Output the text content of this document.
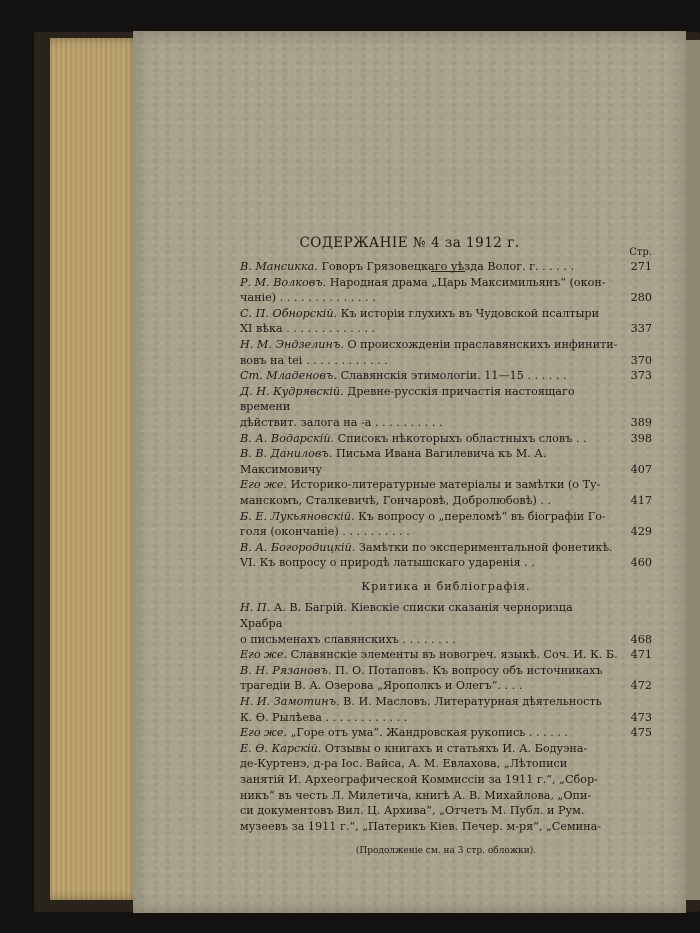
СОДЕРЖАНІЕ № 4 за 1912 г.
Стр.
В. Мансикка. Говоръ Грязовецкаго уѣзда Волог. г. . . . . .	271
Р. М. Волковъ. Народная драма „Царь Максимильянъ“ (окон-
чаніе) . . . . . . . . . . . . . .	280
С. П. Обнорскій. Къ исторіи глухихъ въ Чудовской псалтыри
XI вѣка . . . . . . . . . . . . .	337
Н. М. Эндзелинъ. О происхожденіи праславянскихъ инфинити-
вовъ на tei . . . . . . . . . . . .	370
Ст. Младеновъ. Славянскія этимологіи. 11—15 . . . . . .	373
Д. Н. Кудрявскій. Древне-русскія причастія настоящаго времени
дѣйствит. залога на -а . . . . . . . . . .	389
В. А. Водарскій. Списокъ нѣкоторыхъ областныхъ словъ . .	398
В. В. Даниловъ. Письма Ивана Вагилевича къ М. А. Максимовичу	407
Его же. Историко-литературные матеріалы и замѣтки (о Ту-
манскомъ, Сталкевичѣ, Гончаровѣ, Добролюбовѣ) . .	417
Б. Е. Лукьяновскій. Къ вопросу о „переломѣ“ въ біографіи Го-
голя (окончаніе) . . . . . . . . . .	429
В. А. Богородицкій. Замѣтки по экспериментальной фонетикѣ.
VI. Къ вопросу о природѣ латышскаго ударенія . .	460
Критика и библіографія.
Н. П. А. В. Багрій. Кіевскіе списки сказанія черноризца Храбра
о письменахъ славянскихъ . . . . . . . .	468
Его же. Славянскіе элементы въ новогреч. языкѣ. Соч. И. К. Б.	471
В. Н. Рязановъ. П. О. Потаповъ. Къ вопросу объ источникахъ
трагедіи В. А. Озерова „Ярополкъ и Олегъ“. . . .	472
Н. И. Замотинъ. В. И. Масловъ. Литературная дѣятельность
К. Ө. Рылѣева . . . . . . . . . . . .	473
Его же. „Горе отъ ума“. Жандровская рукопись . . . . . .	475
Е. Ө. Карскій. Отзывы о книгахъ и статьяхъ И. А. Бодуэна-
де-Куртенэ, д-ра Іос. Вайса, А. М. Евлахова, „Лѣтописи
занятій И. Археографической Коммиссіи за 1911 г.“, „Сбор-
никъ“ въ честь Л. Милетича, книгѣ А. В. Михайлова, „Опи-
си документовъ Вил. Ц. Архива“, „Отчетъ М. Публ. и Рум.
музеевъ за 1911 г.“, „Патерикъ Кіев. Печер. м-ря“, „Семина-
(Продолженіе см. на 3 стр. обложки).
